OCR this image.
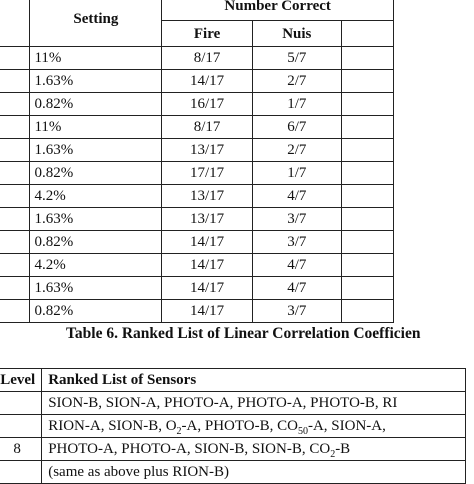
	Setting	Number Correct		
		Fire	Nuis	
	11%	8/17	5/7	
	1.63%	14/17	2/7	
	0.82%	16/17	1/7	
	11%	8/17	6/7	
	1.63%	13/17	2/7	
	0.82%	17/17	1/7	
	4.2%	13/17	4/7	
	1.63%	13/17	3/7	
	0.82%	14/17	3/7	
	4.2%	14/17	4/7	
	1.63%	14/17	4/7	
	0.82%	14/17	3/7	
Table 6. Ranked List of Linear Correlation Coefficien
Level	Ranked List of Sensors
	SION-B, SION-A, PHOTO-A, PHOTO-A, PHOTO-B, RI
	RION-A, SION-B, $O_2-A$, PHOTO-B, $CO_{50}-A$, SION-A,
8	PHOTO-A, PHOTO-A, SION-B, SION-B, $CO_2-B$
	(same as above plus RION-B)
